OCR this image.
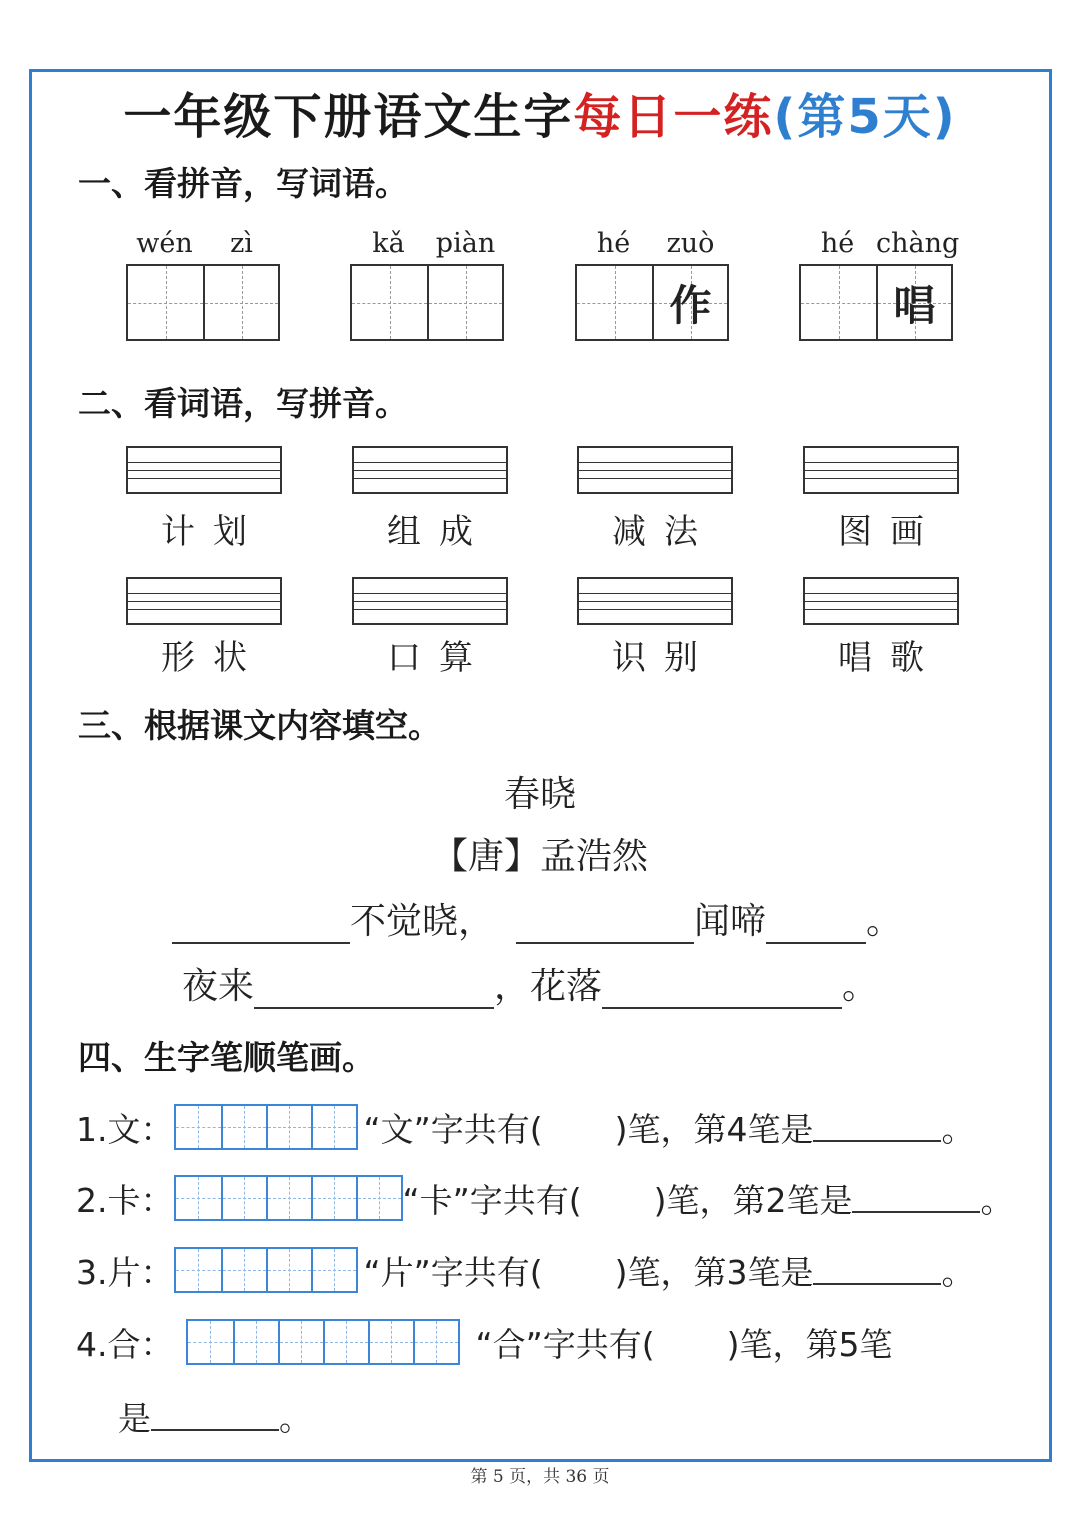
一年级下册语文生字每日一练(第5天)
一、看拼音，写词语。
wén	zì	kǎ	piàn	hé	zuò
作
hé chàng
唱
二、看词语，写拼音。
计划	组成	减法	图画
形状	口算	识别	唱歌
三、根据课文内容填空。
春晓
【唐】孟浩然
不觉晓，	闻啼	。
夜来	，花落	。
四、生字笔顺笔画。
1.文：	“文”字共有( )笔，第4笔是	。
2.卡：	“卡”字共有( )笔，第2笔是	。
3.片：	“片”字共有( )笔，第3笔是	。
4.合：	“合”字共有( )笔，第5笔
是	。
第 5 页，共 36 页
